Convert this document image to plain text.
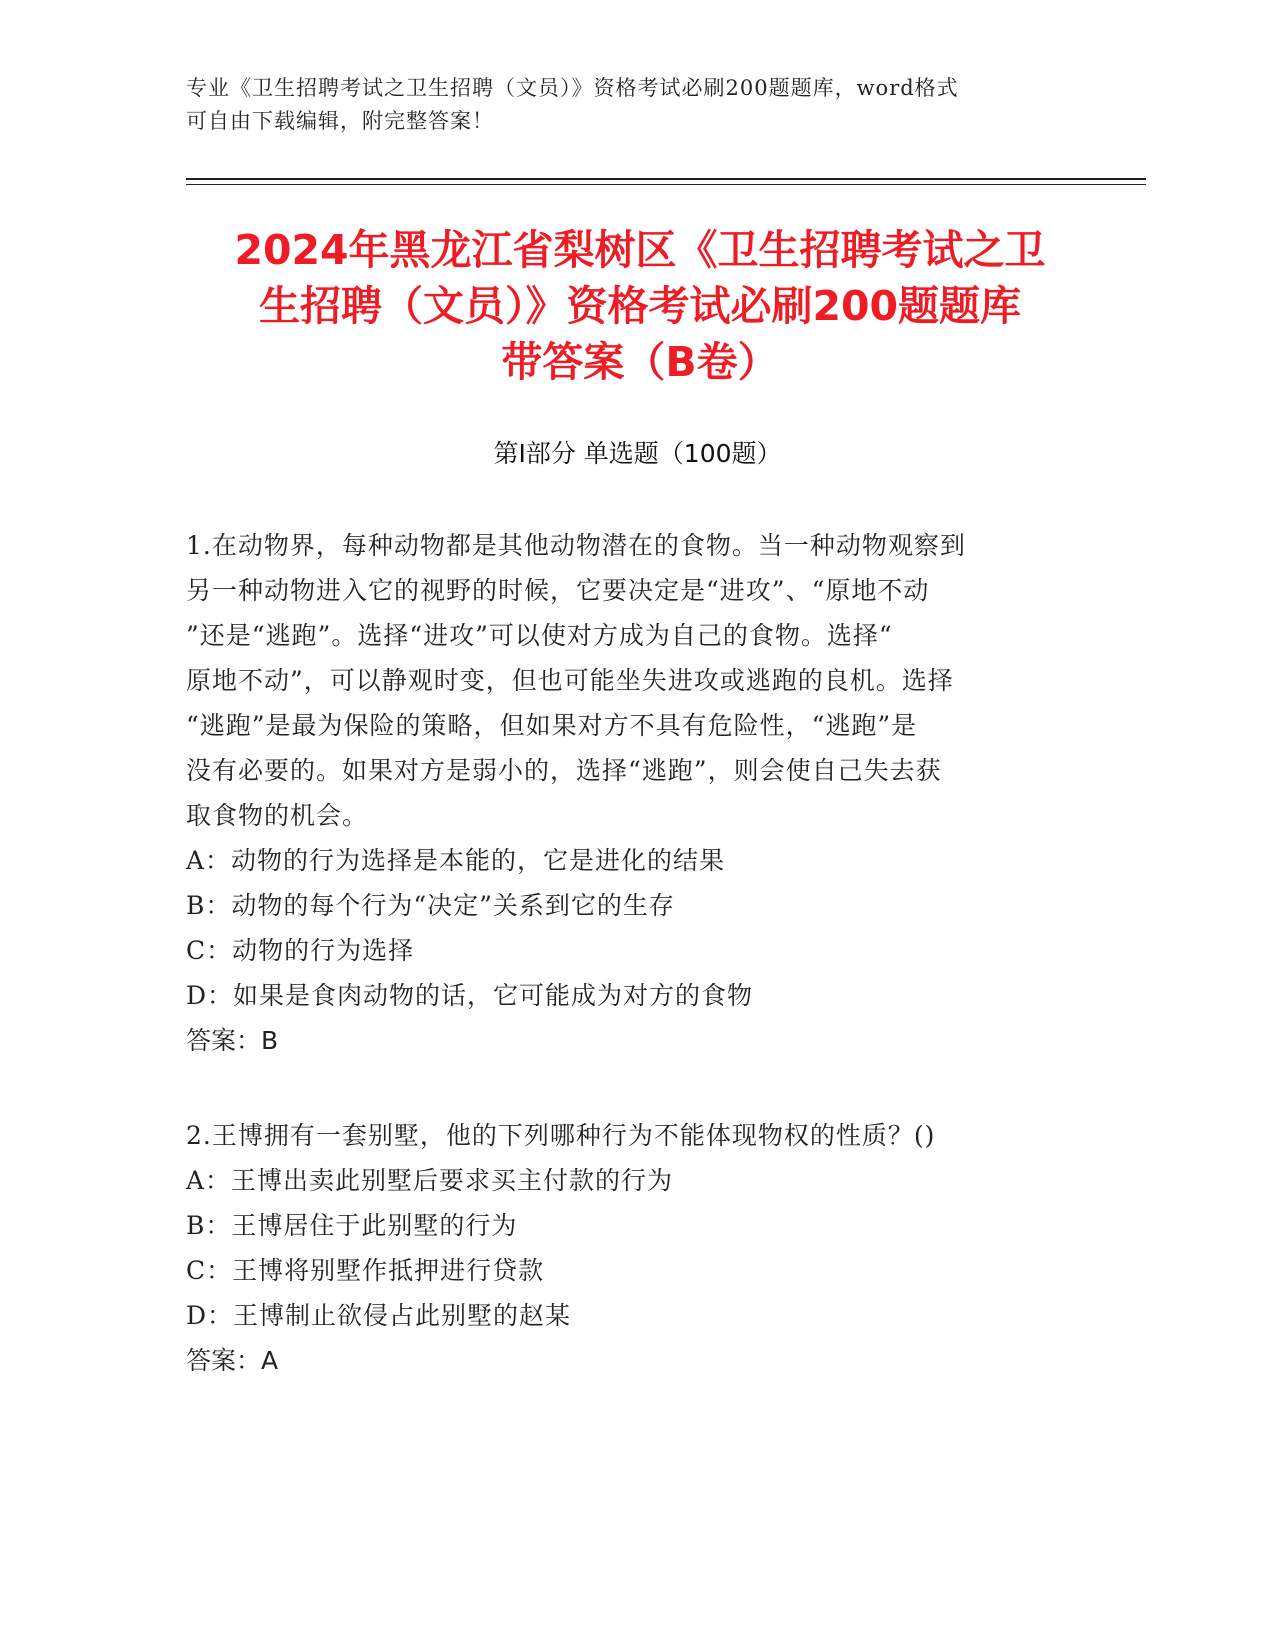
专业《卫生招聘考试之卫生招聘（文员）》资格考试必刷200题题库，word格式
可自由下载编辑，附完整答案！
2024年黑龙江省梨树区《卫生招聘考试之卫
生招聘（文员）》资格考试必刷200题题库
带答案（B卷）
第Ⅰ部分 单选题（100题）
1.在动物界，每种动物都是其他动物潜在的食物。当一种动物观察到
另一种动物进入它的视野的时候，它要决定是“进攻”、“原地不动
”还是“逃跑”。选择“进攻”可以使对方成为自己的食物。选择“
原地不动”，可以静观时变，但也可能坐失进攻或逃跑的良机。选择
“逃跑”是最为保险的策略，但如果对方不具有危险性，“逃跑”是
没有必要的。如果对方是弱小的，选择“逃跑”，则会使自己失去获
取食物的机会。
A：动物的行为选择是本能的，它是进化的结果
B：动物的每个行为“决定”关系到它的生存
C：动物的行为选择
D：如果是食肉动物的话，它可能成为对方的食物
答案：B
2.王博拥有一套别墅，他的下列哪种行为不能体现物权的性质？()
A：王博出卖此别墅后要求买主付款的行为
B：王博居住于此别墅的行为
C：王博将别墅作抵押进行贷款
D：王博制止欲侵占此别墅的赵某
答案：A
